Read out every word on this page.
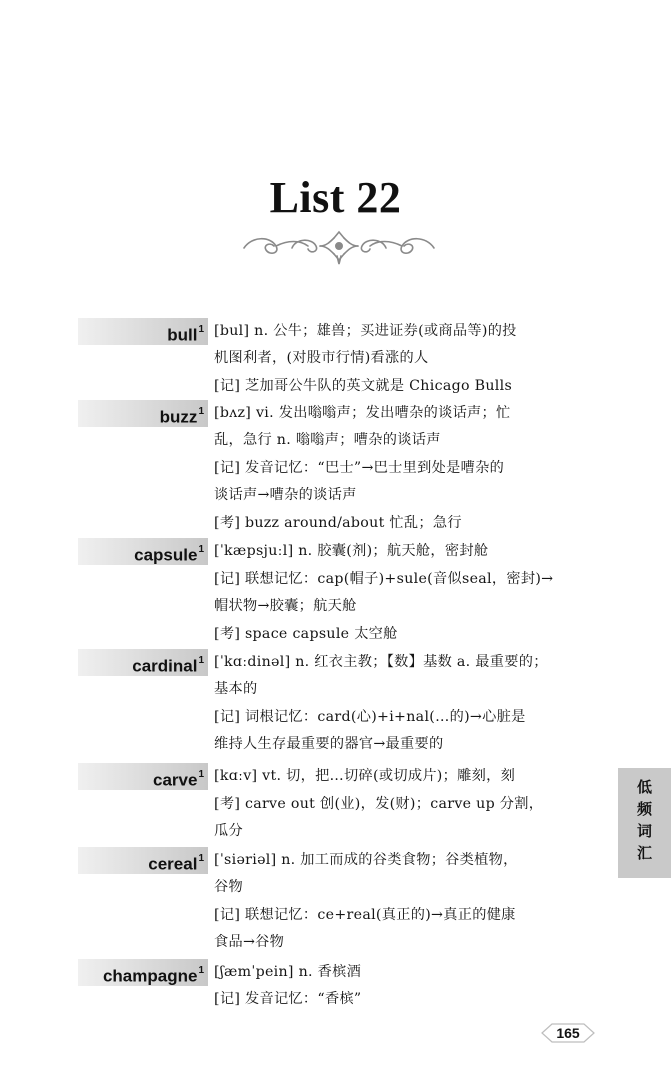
List 22
bull$^1$ [bul] n. 公牛；雄兽；买进证券(或商品等)的投
机图利者，(对股市行情)看涨的人
[记] 芝加哥公牛队的英文就是 Chicago Bulls
buzz$^1$ [bʌz] vi. 发出嗡嗡声；发出嘈杂的谈话声；忙
乱，急行 n. 嗡嗡声；嘈杂的谈话声
[记] 发音记忆：“巴士”→巴士里到处是嘈杂的
谈话声→嘈杂的谈话声
[考] buzz around/about 忙乱；急行
capsule$^1$ [ˈkæpsjuːl] n. 胶囊(剂)；航天舱，密封舱
[记] 联想记忆：cap(帽子)+sule(音似seal，密封)→
帽状物→胶囊；航天舱
[考] space capsule 太空舱
cardinal$^1$ [ˈkɑːdinəl] n. 红衣主教；【数】基数 a. 最重要的；
基本的
[记] 词根记忆：card(心)+i+nal(…的)→心脏是
维持人生存最重要的器官→最重要的
carve$^1$ [kɑːv] vt. 切，把…切碎(或切成片)；雕刻，刻
[考] carve out 创(业)，发(财)；carve up 分割，
瓜分
cereal$^1$ [ˈsiəriəl] n. 加工而成的谷类食物；谷类植物，
谷物
[记] 联想记忆：ce+real(真正的)→真正的健康
食品→谷物
champagne$^1$ [ʃæmˈpein] n. 香槟酒
[记] 发音记忆：“香槟”
低频词汇
165
